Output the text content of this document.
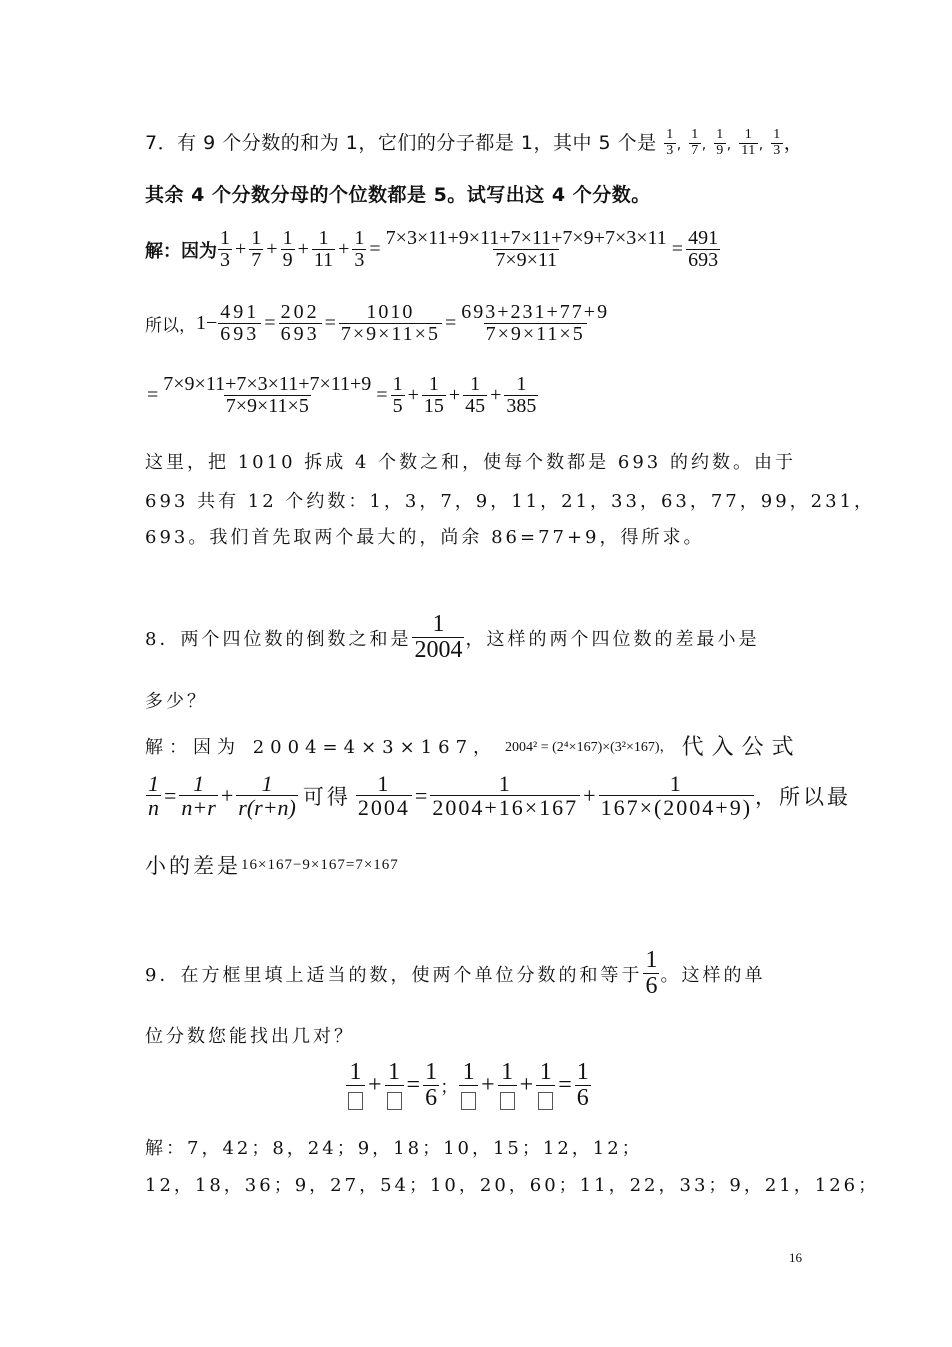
7．有 9 个分数的和为 1，它们的分子都是 1，其中 5 个是 $\frac{1}{3}$ , $\frac{1}{7}$ , $\frac{1}{9}$ , $\frac{1}{11}$ , $\frac{1}{3}$ ，
其余 4 个分数分母的个位数都是 5。试写出这 4 个分数。
解：因为 $\frac{1}{3} + \frac{1}{7} + \frac{1}{9} + \frac{1}{11} + \frac{1}{3} = \frac{7\times 3\times 11+9\times 11+7\times 11+7\times 9+7\times 3\times 11}{7\times 9\times 11} = \frac{491}{693}$
所以， $1- \frac{491}{693} = \frac{202}{693} = \frac{1010}{7\times 9\times 11\times 5} = \frac{693+231+77+9}{7\times 9\times 11\times 5}$
= $\frac{7\times 9\times 11+7\times 3\times 11+7\times 11+9}{7\times 9\times 11\times 5} = \frac{1}{5} + \frac{1}{15} + \frac{1}{45} + \frac{1}{385}$
这里，把 1010 拆成 4 个数之和，使每个数都是 693 的约数。由于
693 共有 12 个约数：1，3，7，9，11，21，33，63，77，99，231，
693。我们首先取两个最大的，尚余 86=77+9，得所求。
8．两个四位数的倒数之和是 $\frac{1}{2004}$ ，这样的两个四位数的差最小是
多少？
解：因为 2004=4×3×167， 2004² = (2⁴×167)×(3²×167)， 代入公式
$\frac{1}{n} = \frac{1}{n+r} + \frac{1}{r(r+n)}$ 可得 $\frac{1}{2004} = \frac{1}{2004+16\times 167} + \frac{1}{167\times(2004+9)}$ ，所以最
小的差是 16×167−9×167=7×167
9．在方框里填上适当的数，使两个单位分数的和等于 $\frac{1}{6}$ 。这样的单
位分数您能找出几对？
1
+
1
= $\frac{1}{6}$ ；
1
+
1
+
1
= $\frac{1}{6}$
解：7，42；8，24；9，18；10，15；12，12；
12，18，36；9，27，54；10，20，60；11，22，33；9，21，126；
16
